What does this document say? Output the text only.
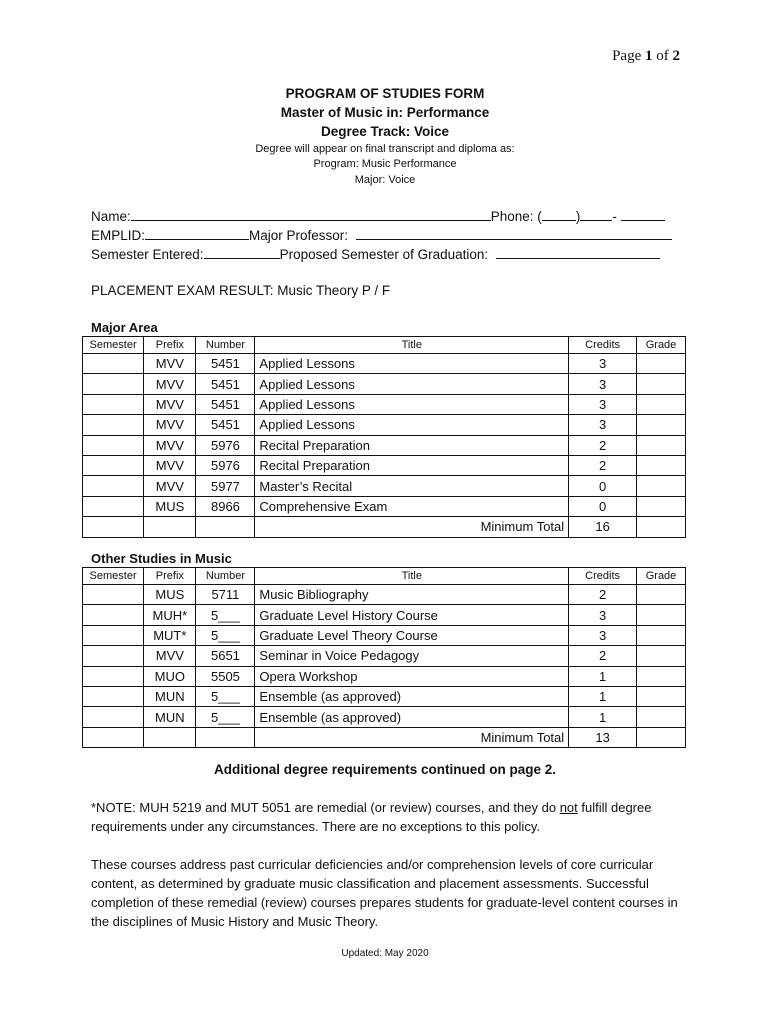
Page 1 of 2
PROGRAM OF STUDIES FORM
Master of Music in: Performance
Degree Track: Voice
Degree will appear on final transcript and diploma as:
Program: Music Performance
Major: Voice
Name:	Phone: (	) -
EMPLID:	Major Professor:
Semester Entered:	Proposed Semester of Graduation:
PLACEMENT EXAM RESULT: Music Theory P / F
Major Area
Semester	Prefix	Number	Title	Credits	Grade
	MVV	5451	Applied Lessons	3	
	MVV	5451	Applied Lessons	3	
	MVV	5451	Applied Lessons	3	
	MVV	5451	Applied Lessons	3	
	MVV	5976	Recital Preparation	2	
	MVV	5976	Recital Preparation	2	
	MVV	5977	Master’s Recital	0	
	MUS	8966	Comprehensive Exam	0	
			Minimum Total	16	
Other Studies in Music
Semester	Prefix	Number	Title	Credits	Grade
	MUS	5711	Music Bibliography	2	
	MUH*	5___	Graduate Level History Course	3	
	MUT*	5___	Graduate Level Theory Course	3	
	MVV	5651	Seminar in Voice Pedagogy	2	
	MUO	5505	Opera Workshop	1	
	MUN	5___	Ensemble (as approved)	1	
	MUN	5___	Ensemble (as approved)	1	
			Minimum Total	13	
Additional degree requirements continued on page 2.
*NOTE: MUH 5219 and MUT 5051 are remedial (or review) courses, and they do not fulfill degree requirements under any circumstances. There are no exceptions to this policy.
These courses address past curricular deficiencies and/or comprehension levels of core curricular content, as determined by graduate music classification and placement assessments. Successful completion of these remedial (review) courses prepares students for graduate-level content courses in the disciplines of Music History and Music Theory.
Updated: May 2020
